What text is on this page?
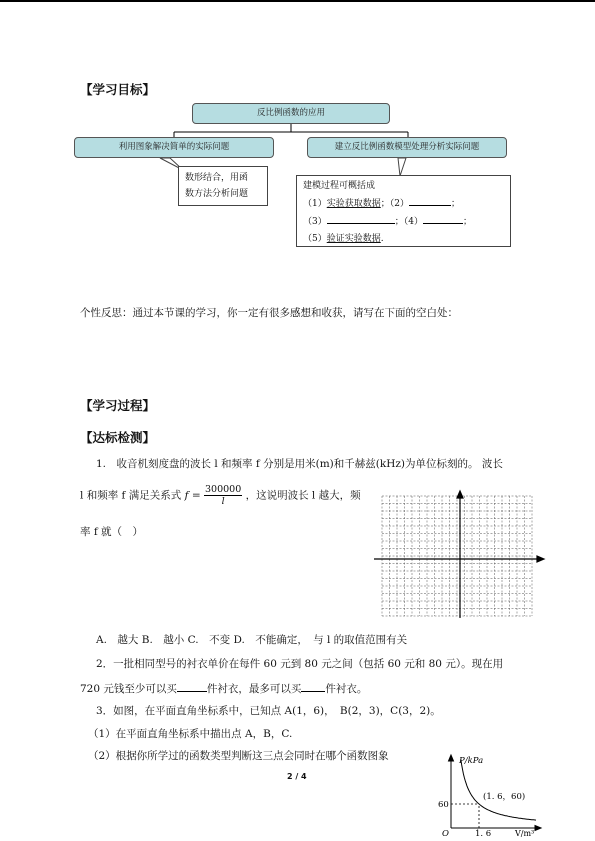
【学习目标】
反比例函数的应用
利用图象解决简单的实际问题	建立反比例函数模型处理分析实际问题
数形结合，用函
数方法分析问题
建模过程可概括成
（1）实验获取数据；（2）	；
（3）	；（4）	；
（5）验证实验数据.
个性反思：通过本节课的学习，你一定有很多感想和收获，请写在下面的空白处：
【学习过程】
【达标检测】
1.　收音机刻度盘的波长 l 和频率 f 分别是用米(m)和千赫兹(kHz)为单位标刻的。 波长
l 和频率 f 满足关系式 $f = \frac{300000}{l}$ ，这说明波长 l 越大，频
率 f 就（　）
A.　越大 B.　越小 C.　不变 D.　不能确定，　与 l 的取值范围有关
2．一批相同型号的衬衣单价在每件 60 元到 80 元之间（包括 60 元和 80 元）。现在用
720 元钱至少可以买	件衬衣，最多可以买 件衬衣。
3．如图，在平面直角坐标系中，已知点 A(1，6)，　B(2，3)，C(3，2)。
（1）在平面直角坐标系中描出点 A，B，C.
（2）根据你所学过的函数类型判断这三点会同时在哪个函数图象	P/kPa
V/m³
O
60
1. 6
(1. 6，60)
2 / 4
